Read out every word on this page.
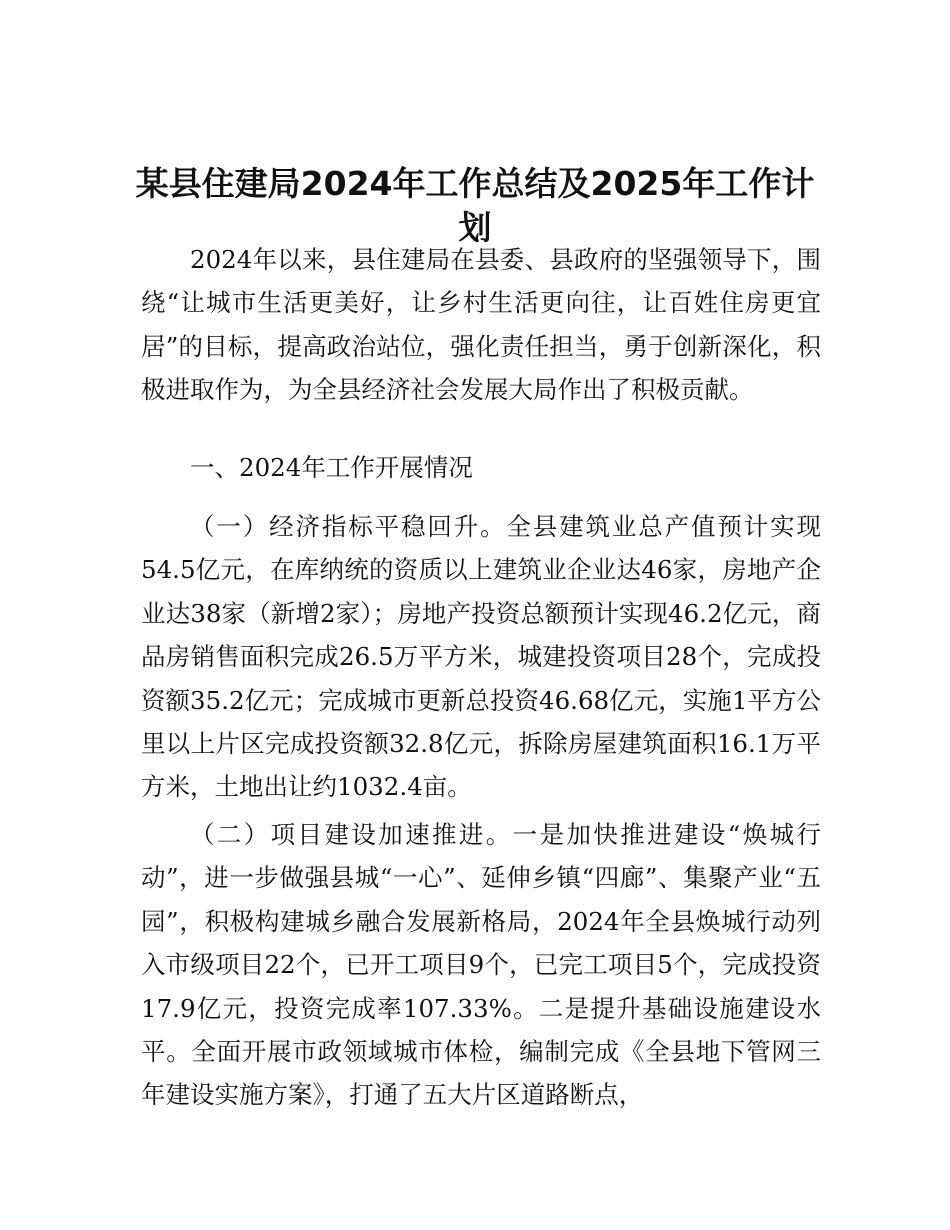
某县住建局2024年工作总结及2025年工作计划

2024年以来，县住建局在县委、县政府的坚强领导下，围绕“让城市生活更美好，让乡村生活更向往，让百姓住房更宜居”的目标，提高政治站位，强化责任担当，勇于创新深化，积极进取作为，为全县经济社会发展大局作出了积极贡献。

一、2024年工作开展情况

（一）经济指标平稳回升。全县建筑业总产值预计实现54.5亿元，在库纳统的资质以上建筑业企业达46家，房地产企业达38家（新增2家）；房地产投资总额预计实现46.2亿元，商品房销售面积完成26.5万平方米，城建投资项目28个，完成投资额35.2亿元；完成城市更新总投资46.68亿元，实施1平方公里以上片区完成投资额32.8亿元，拆除房屋建筑面积16.1万平方米，土地出让约1032.4亩。

（二）项目建设加速推进。一是加快推进建设“焕城行动”，进一步做强县城“一心”、延伸乡镇“四廊”、集聚产业“五园”，积极构建城乡融合发展新格局，2024年全县焕城行动列入市级项目22个，已开工项目9个，已完工项目5个，完成投资17.9亿元，投资完成率107.33%。二是提升基础设施建设水平。全面开展市政领域城市体检，编制完成《全县地下管网三年建设实施方案》，打通了五大片区道路断点，
